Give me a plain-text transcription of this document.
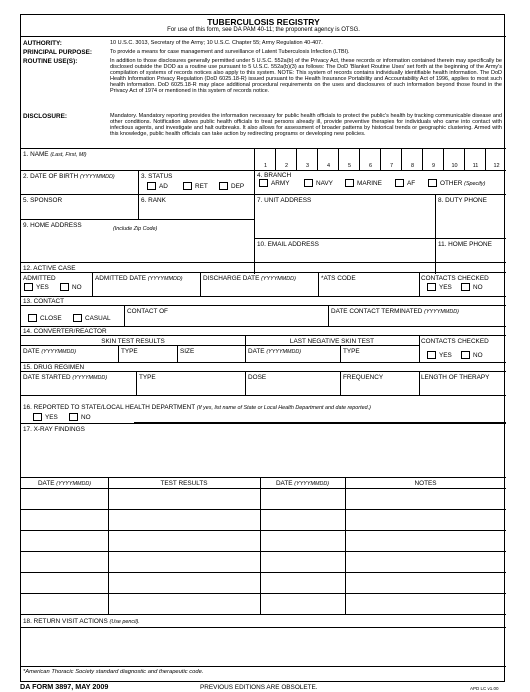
TUBERCULOSIS REGISTRY
For use of this form, see DA PAM 40-11; the proponent agency is OTSG.
AUTHORITY:	10 U.S.C. 3013, Secretary of the Army; 10 U.S.C. Chapter 55; Army Regulation 40-407.
PRINCIPAL PURPOSE:	To provide a means for case management and surveillance of Latent Tuberculosis Infection (LTBI).
ROUTINE USE(S):	In addition to those disclosures generally permitted under 5 U.S.C. 552a(b) of the Privacy Act, these records or information contained therein may specifically be disclosed outside the DOD as a routine use pursuant to 5 U.S.C. 552a(b)(3) as follows: The DoD 'Blanket Routine Uses' set forth at the beginning of the Army's compilation of systems of records notices also apply to this system. NOTE: This system of records contains individually identifiable health information. The DoD Health Information Privacy Regulation (DoD 6025.18-R) issued pursuant to the Health Insurance Portability and Accountability Act of 1996, applies to most such health information. DoD 6025.18-R may place additional procedural requirements on the uses and disclosures of such information beyond those found in the Privacy Act of 1974 or mentioned in this system of records notice.
DISCLOSURE:	Mandatory. Mandatory reporting provides the information necessary for public health officials to protect the public's health by tracking communicable disease and other conditions. Notification allows public health officials to treat persons already ill, provide preventive therapies for individuals who came into contact with infectious agents, and investigate and halt outbreaks. It also allows for assessment of broader patterns by historical trends or geographic clustering. Armed with this knowledge, public health officials can take action by redirecting programs or developing new policies.
1. NAME (Last, First, MI)
1	2	3	4	5	6	7	8	9	10	11	12
2. DATE OF BIRTH (YYYYMMDD)	3. STATUS
AD	RET	DEP
4. BRANCH
ARMY	NAVY	MARINE	AF	OTHER (Specify)
5. SPONSOR	6. RANK	7. UNIT ADDRESS	8. DUTY PHONE
9. HOME ADDRESS	(Include Zip Code)
10. EMAIL ADDRESS	11. HOME PHONE
12. ACTIVE CASE
ADMITTED
YES	NO
ADMITTED DATE (YYYYMMDD)	DISCHARGE DATE (YYYYMMDD)	*ATS CODE	CONTACTS CHECKED
YES	NO
13. CONTACT
CLOSE	CASUAL
CONTACT OF	DATE CONTACT TERMINATED (YYYYMMDD)
14. CONVERTER/REACTOR
SKIN TEST RESULTS	LAST NEGATIVE SKIN TEST	CONTACTS CHECKED
DATE (YYYYMMDD)	TYPE	SIZE	DATE (YYYYMMDD)	TYPE
YES	NO
15. DRUG REGIMEN
DATE STARTED (YYYYMMDD)	TYPE	DOSE	FREQUENCY	LENGTH OF THERAPY
16. REPORTED TO STATE/LOCAL HEALTH DEPARTMENT (If yes, list name of State or Local Health Department and date reported.)
YES	NO
17. X-RAY FINDINGS
DATE (YYYYMMDD)	TEST RESULTS	DATE (YYYYMMDD)	NOTES
18. RETURN VISIT ACTIONS (Use pencil).
*American Thoracic Society standard diagnostic and therapeutic code.
DA FORM 3897, MAY 2009	PREVIOUS EDITIONS ARE OBSOLETE.	APD LC v1.00
